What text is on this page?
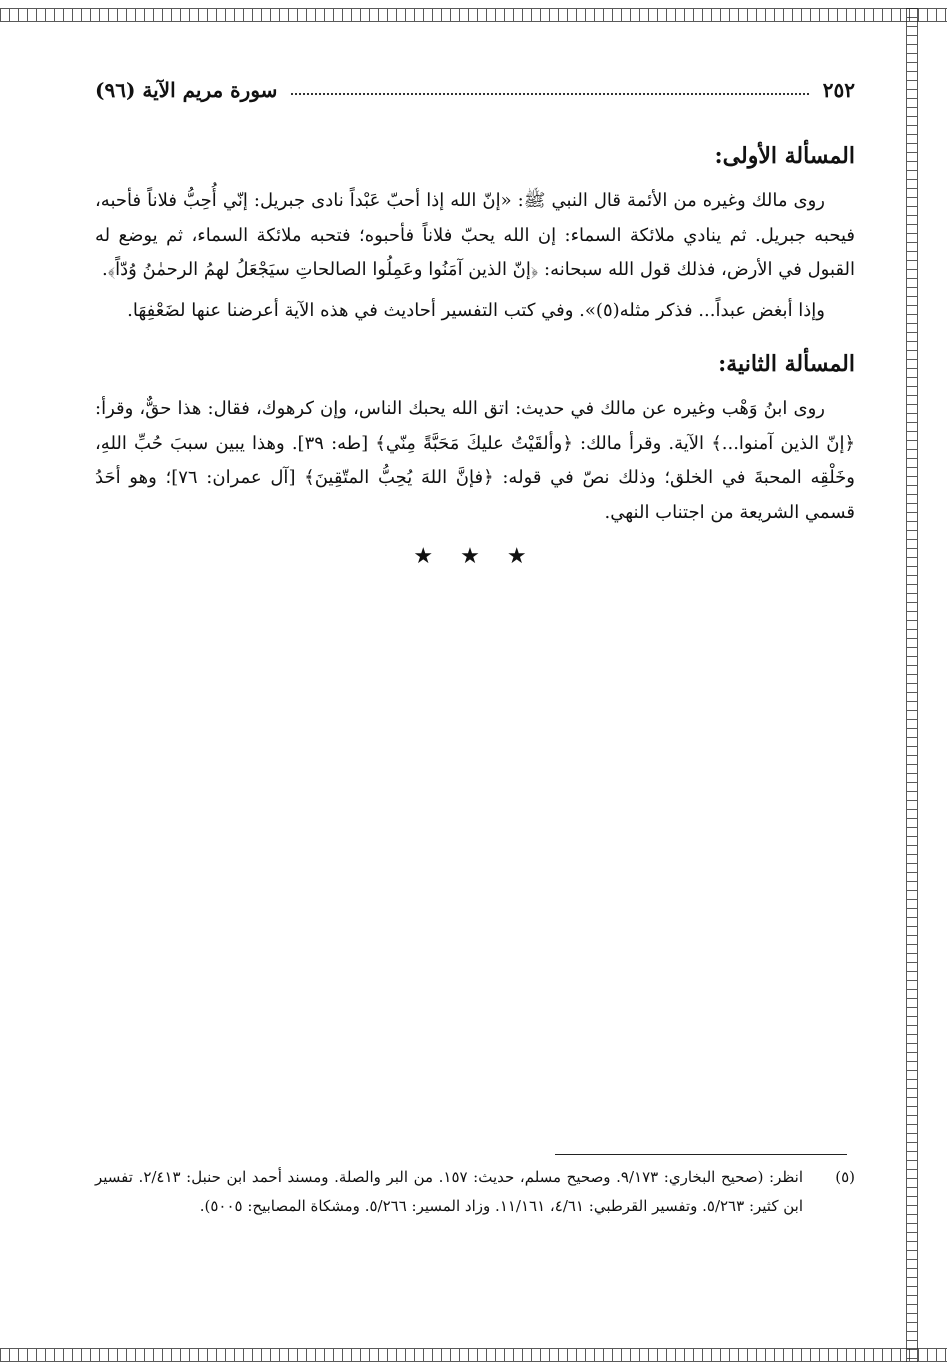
٢٥٢
سورة مريم الآية (٩٦)
المسألة الأولى:

روى مالك وغيره من الأئمة قال النبي ﷺ: «إنّ الله إذا أحبّ عَبْداً نادى جبريل: إنّي أُحِبُّ فلاناً فأحبه، فيحبه جبريل. ثم ينادي ملائكة السماء: إن الله يحبّ فلاناً فأحبوه؛ فتحبه ملائكة السماء، ثم يوضع له القبول في الأرض، فذلك قول الله سبحانه: ﴿إنّ الذين آمَنُوا وعَمِلُوا الصالحاتِ سيَجْعَلُ لهمُ الرحمٰنُ وُدّاً﴾.

وإذا أبغض عبداً... فذكر مثله(٥)». وفي كتب التفسير أحاديث في هذه الآية أعرضنا عنها لضَعْفِهَا.

المسألة الثانية:

روى ابنُ وَهْب وغيره عن مالك في حديث: اتق الله يحبك الناس، وإن كرهوك، فقال: هذا حقٌّ، وقرأ: ﴿إنّ الذين آمنوا...﴾ الآية. وقرأ مالك: ﴿وألقَيْتُ عليكَ مَحَبَّةً مِنّي﴾ [طه: ٣٩]. وهذا يبين سببَ حُبِّ اللهِ، وخَلْقِه المحبةَ في الخلق؛ وذلك نصّ في قوله: ﴿فإنَّ اللهَ يُحِبُّ المتّقِينَ﴾ [آل عمران: ٧٦]؛ وهو أحَدُ قسمي الشريعة من اجتناب النهي.

★ ★ ★
(٥)
انظر: (صحيح البخاري: ٩/١٧٣. وصحيح مسلم، حديث: ١٥٧. من البر والصلة. ومسند أحمد ابن حنبل: ٢/٤١٣. تفسير ابن كثير: ٥/٢٦٣. وتفسير القرطبي: ٤/٦١، ١١/١٦١. وزاد المسير: ٥/٢٦٦. ومشكاة المصابيح: ٥٠٠٥).
